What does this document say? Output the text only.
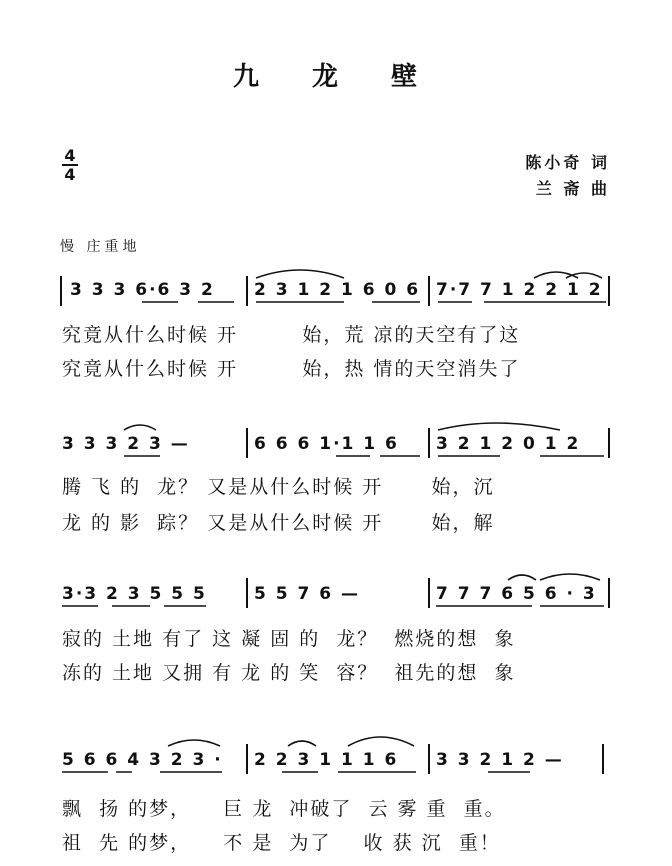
九 龙 壁
4
4
陈小奇 词
兰 斋 曲
慢 庄重地
3 3 3 6·6 3 2 2 3 1 2 1 6 0 6 7·7 7 1 2 2 1 2
究竟从什么时候 开        始，荒 凉的天空有了这
究竟从什么时候 开        始，热 情的天空消失了
3 3 3 2 3 —	6 6 6 1·1 1 6 3 2 1 2 0 1 2
腾 飞 的  龙？ 又是从什么时候 开      始，沉
龙 的 影  踪？ 又是从什么时候 开      始，解
3·3 2 3 5 5 5	5 5 7 6 —	7 7 7 6 5 6 · 3
寂的 土地 有了 这 凝 固 的  龙？  燃烧的想  象
冻的 土地 又拥 有 龙 的 笑  容？  祖先的想  象
5 6 6 4 3 2 3 · 2 2 3 1 1 1 6 3 3 2 1 2 —
飘  扬 的梦，    巨 龙  冲破了  云 雾 重  重。
祖  先 的梦，    不 是  为了    收 获 沉  重！
